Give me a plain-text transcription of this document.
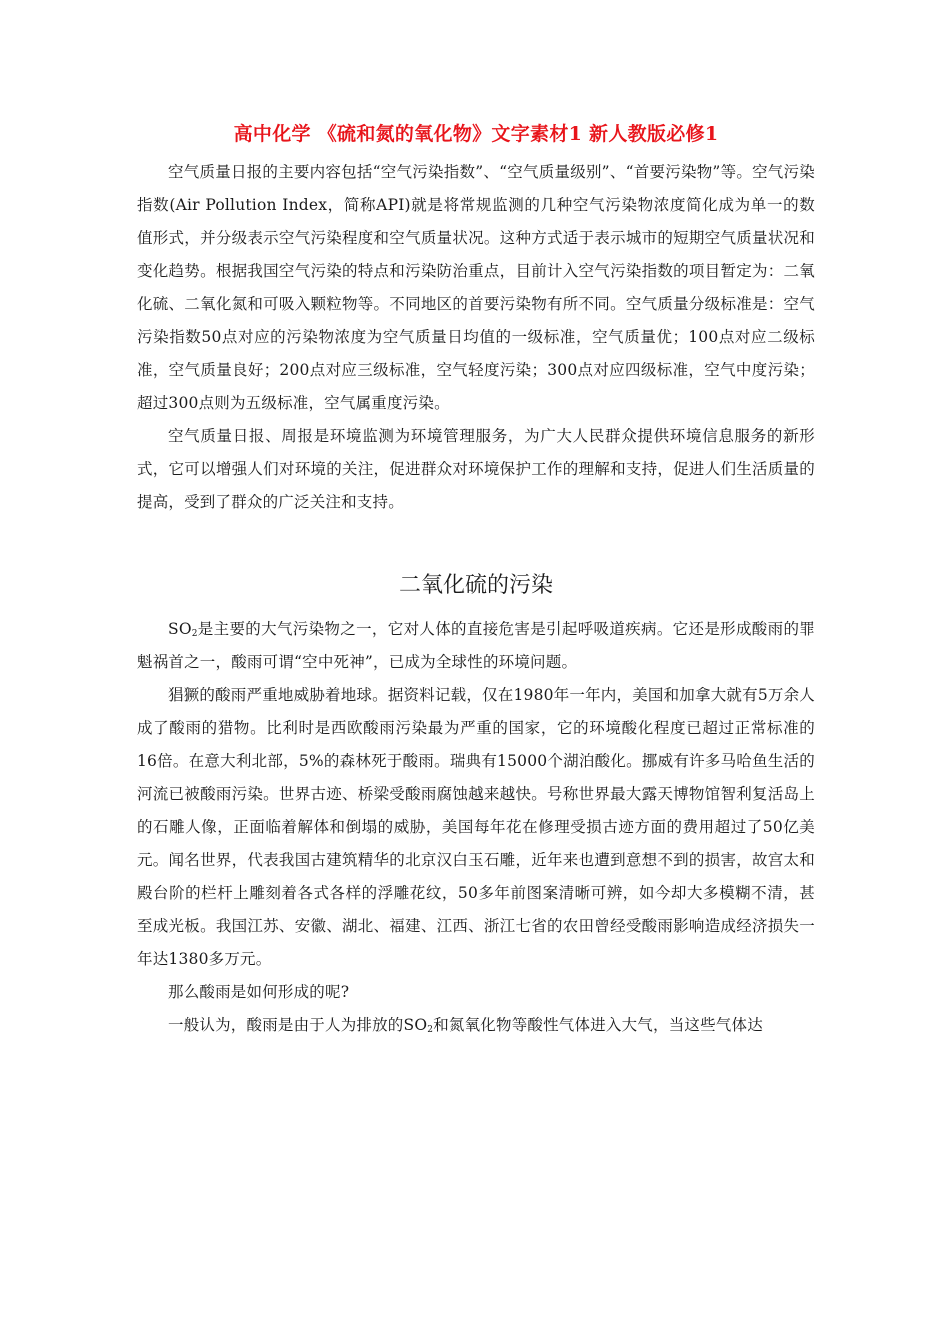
高中化学 《硫和氮的氧化物》文字素材1 新人教版必修1

空气质量日报的主要内容包括“空气污染指数”、“空气质量级别”、“首要污染物”等。空气污染指数(Air Pollution Index，简称API)就是将常规监测的几种空气污染物浓度简化成为单一的数值形式，并分级表示空气污染程度和空气质量状况。这种方式适于表示城市的短期空气质量状况和变化趋势。根据我国空气污染的特点和污染防治重点，目前计入空气污染指数的项目暂定为：二氧化硫、二氧化氮和可吸入颗粒物等。不同地区的首要污染物有所不同。空气质量分级标准是：空气污染指数50点对应的污染物浓度为空气质量日均值的一级标准，空气质量优；100点对应二级标准，空气质量良好；200点对应三级标准，空气轻度污染；300点对应四级标准，空气中度污染；超过300点则为五级标准，空气属重度污染。

空气质量日报、周报是环境监测为环境管理服务，为广大人民群众提供环境信息服务的新形式，它可以增强人们对环境的关注，促进群众对环境保护工作的理解和支持，促进人们生活质量的提高，受到了群众的广泛关注和支持。

二氧化硫的污染

$SO_2$是主要的大气污染物之一，它对人体的直接危害是引起呼吸道疾病。它还是形成酸雨的罪魁祸首之一，酸雨可谓“空中死神”，已成为全球性的环境问题。

猖獗的酸雨严重地威胁着地球。据资料记载，仅在1980年一年内，美国和加拿大就有5万余人成了酸雨的猎物。比利时是西欧酸雨污染最为严重的国家，它的环境酸化程度已超过正常标准的16倍。在意大利北部，5%的森林死于酸雨。瑞典有15000个湖泊酸化。挪威有许多马哈鱼生活的河流已被酸雨污染。世界古迹、桥梁受酸雨腐蚀越来越快。号称世界最大露天博物馆智利复活岛上的石雕人像，正面临着解体和倒塌的威胁，美国每年花在修理受损古迹方面的费用超过了50亿美元。闻名世界，代表我国古建筑精华的北京汉白玉石雕，近年来也遭到意想不到的损害，故宫太和殿台阶的栏杆上雕刻着各式各样的浮雕花纹，50多年前图案清晰可辨，如今却大多模糊不清，甚至成光板。我国江苏、安徽、湖北、福建、江西、浙江七省的农田曾经受酸雨影响造成经济损失一年达1380多万元。

那么酸雨是如何形成的呢?

一般认为，酸雨是由于人为排放的$SO_2$和氮氧化物等酸性气体进入大气，当这些气体达
